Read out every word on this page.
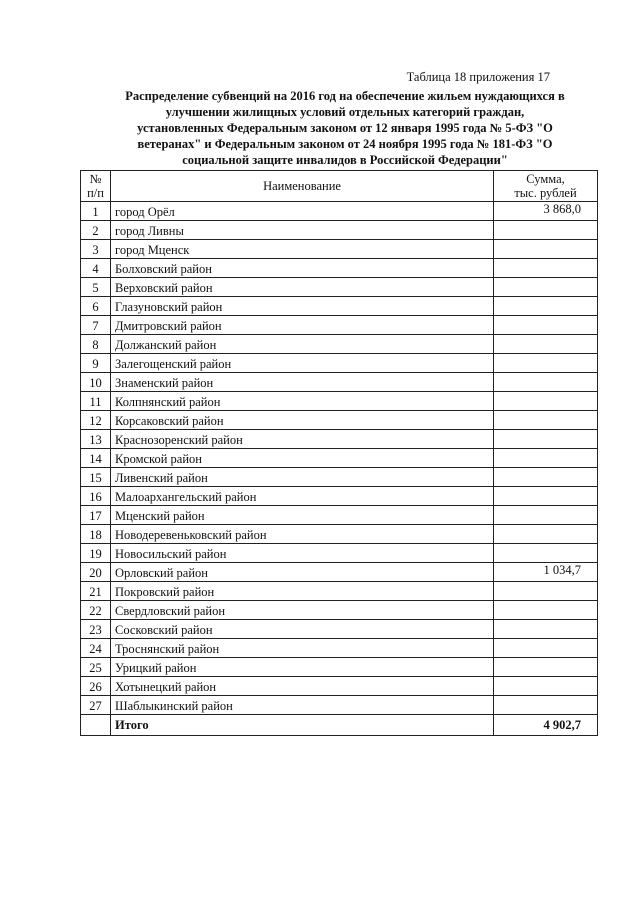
Таблица 18 приложения 17
Распределение субвенций на 2016 год на обеспечение жильем нуждающихся в
улучшении жилищных условий отдельных категорий граждан,
установленных Федеральным законом от 12 января 1995 года № 5-ФЗ "О
ветеранах" и Федеральным законом от 24 ноября 1995 года № 181-ФЗ "О
социальной защите инвалидов в Российской Федерации"
№
п/п	Наименование	Сумма,
тыс. рублей
1	город Орёл	3 868,0
2	город Ливны	
3	город Мценск	
4	Болховский район	
5	Верховский район	
6	Глазуновский район	
7	Дмитровский район	
8	Должанский район	
9	Залегощенский район	
10	Знаменский район	
11	Колпнянский район	
12	Корсаковский район	
13	Краснозоренский район	
14	Кромской район	
15	Ливенский район	
16	Малоархангельский район	
17	Мценский район	
18	Новодеревеньковский район	
19	Новосильский район	
20	Орловский район	1 034,7
21	Покровский район	
22	Свердловский район	
23	Сосковский район	
24	Троснянский район	
25	Урицкий район	
26	Хотынецкий район	
27	Шаблыкинский район	
	Итого	4 902,7
